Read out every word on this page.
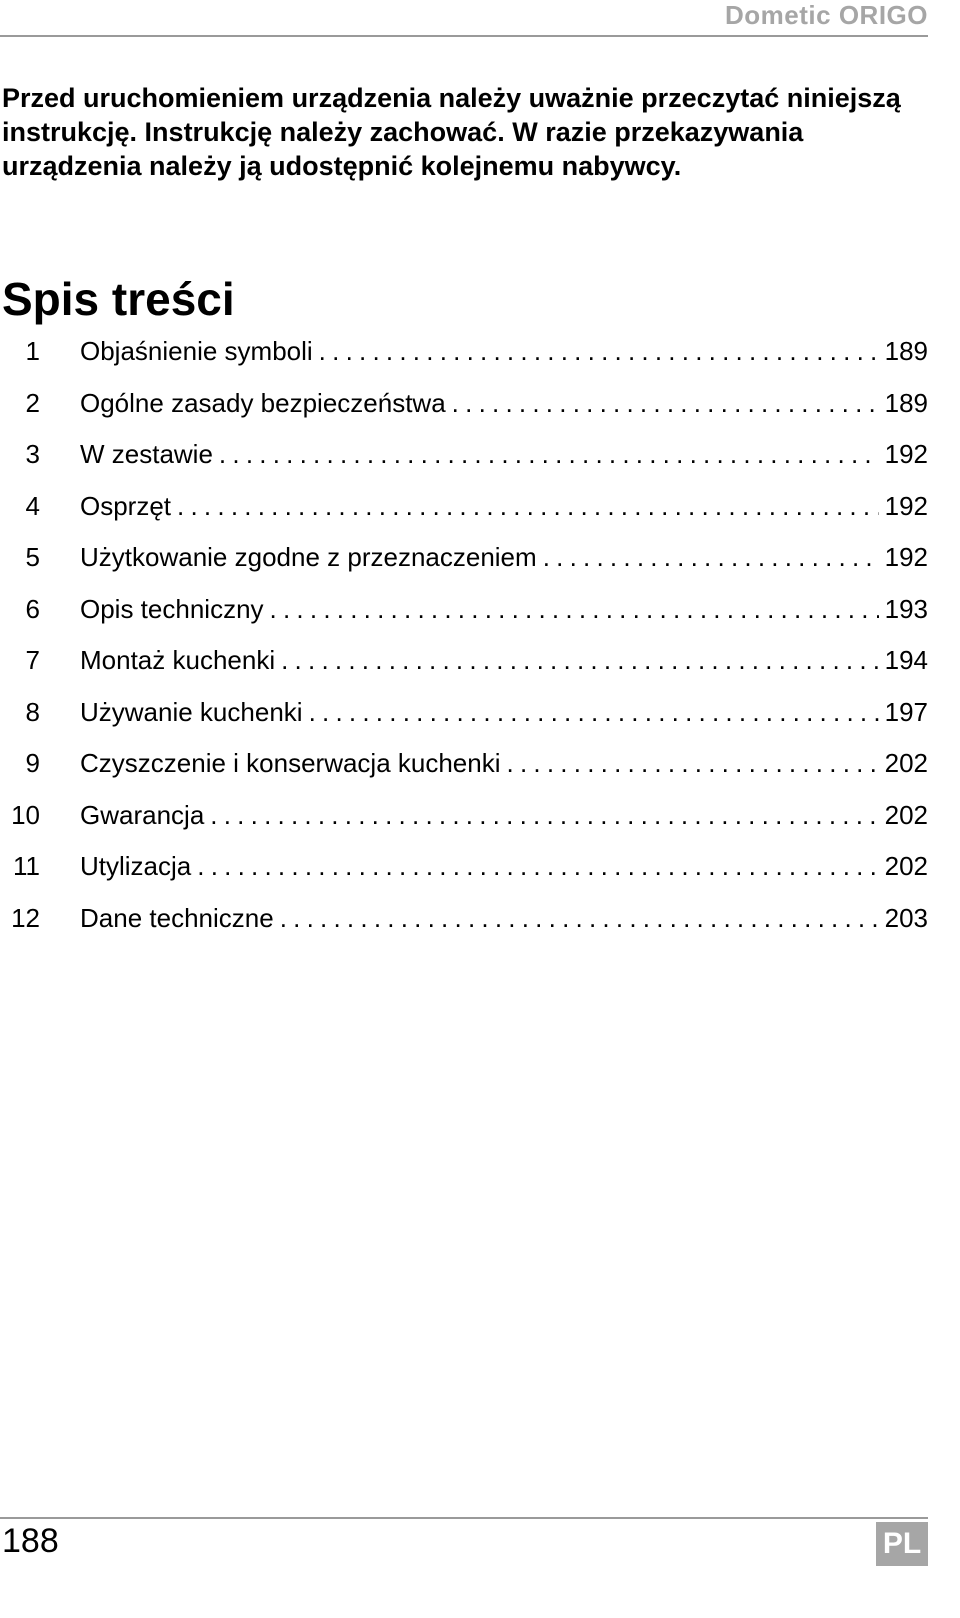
Dometic ORIGO

Przed uruchomieniem urządzenia należy uważnie przeczytać niniejszą instrukcję. Instrukcję należy zachować. W razie przekazywania urządzenia należy ją udostępnić kolejnemu nabywcy.

Spis treści
1 Objaśnienie symboli . . .	189
2 Ogólne zasady bezpieczeństwa . . .	189
3 W zestawie . . .	192
4 Osprzęt . . .	192
5 Użytkowanie zgodne z przeznaczeniem . . .	192
6 Opis techniczny . . .	193
7 Montaż kuchenki . . .	194
8 Używanie kuchenki . . .	197
9 Czyszczenie i konserwacja kuchenki . . .	202
10 Gwarancja . . .	202
11 Utylizacja . . .	202
12 Dane techniczne . . .	203
188	PL
